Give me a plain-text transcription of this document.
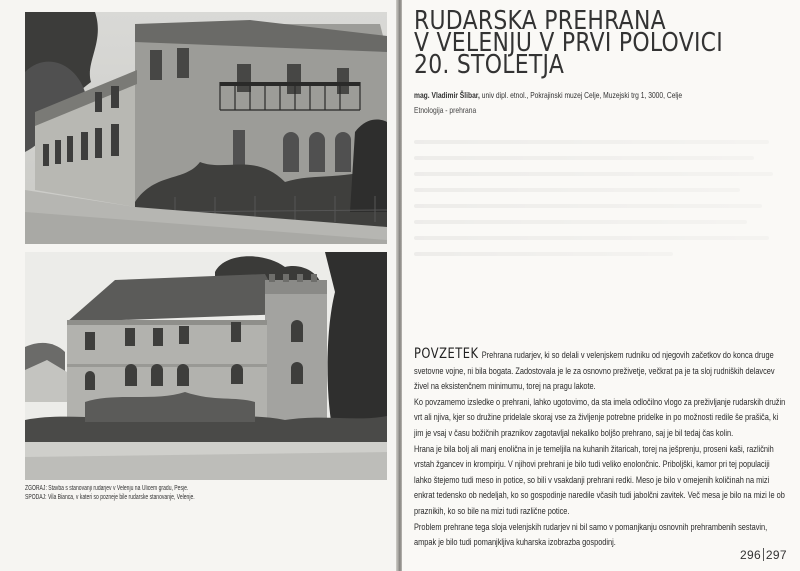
ZGORAJ: Stavba s stanovanji rudarjev v Velenju na Ulicem gradu, Pesje.
SPODAJ: Vila Bianca, v kateri so pozneje bile rudarske stanovanje, Velenje.
RUDARSKA PREHRANA
V VELENJU V PRVI POLOVICI
20. STOLETJA
mag. Vladimir Šlibar, univ dipl. etnol., Pokrajinski muzej Celje, Muzejski trg 1, 3000, Celje
Etnologija - prehrana

POVZETEK Prehrana rudarjev, ki so delali v velenjskem rudniku od njegovih začetkov do konca druge svetovne vojne, ni bila bogata. Zadostovala je le za osnovno preživetje, večkrat pa je ta sloj rudniških delavcev živel na eksistenčnem minimumu, torej na pragu lakote.

Ko povzamemo izsledke o prehrani, lahko ugotovimo, da sta imela odločilno vlogo za preživljanje rudarskih družin vrt ali njiva, kjer so družine pridelale skoraj vse za življenje potrebne pridelke in po možnosti redile še prašiča, ki jim je vsaj v času božičnih praznikov zagotavljal nekaliko boljšo prehrano, saj je bil tedaj čas kolin.

Hrana je bila bolj ali manj enolična in je temeljila na kuhanih žitaricah, torej na ješprenju, proseni kaši, različnih vrstah žgancev in krompirju. V njihovi prehrani je bilo tudi veliko enolončnic. Priboljški, kamor pri tej populaciji lahko štejemo tudi meso in potice, so bili v vsakdanji prehrani redki. Meso je bilo v omejenih količinah na mizi enkrat tedensko ob nedeljah, ko so gospodinje naredile včasih tudi jabolčni zavitek. Več mesa je bilo na mizi le ob praznikih, ko so bile na mizi tudi različne potice.

Problem prehrane tega sloja velenjskih rudarjev ni bil samo v pomanjkanju osnovnih prehrambenih sestavin, ampak je bilo tudi pomanjkljiva kuharska izobrazba gospodinj.

296 297
